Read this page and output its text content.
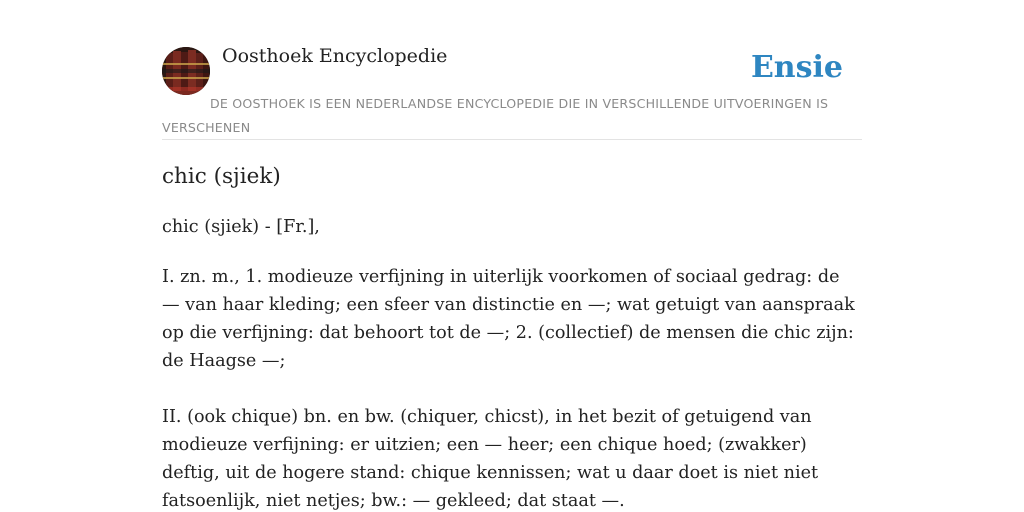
Oosthoek Encyclopedie	Ensie
DE OOSTHOEK IS EEN NEDERLANDSE ENCYCLOPEDIE DIE IN VERSCHILLENDE UITVOERINGEN IS VERSCHENEN
chic (sjiek)
chic (sjiek) - [Fr.],

I. zn. m., 1. modieuze verfijning in uiterlijk voorkomen of sociaal gedrag: de — van haar kleding; een sfeer van distinctie en —; wat getuigt van aanspraak op die verfijning: dat behoort tot de —; 2. (collectief) de mensen die chic zijn: de Haagse —;

II. (ook chique) bn. en bw. (chiquer, chicst), in het bezit of getuigend van modieuze verfijning: er uitzien; een — heer; een chique hoed; (zwakker) deftig, uit de hogere stand: chique kennissen; wat u daar doet is niet niet fatsoenlijk, niet netjes; bw.: — gekleed; dat staat —.
